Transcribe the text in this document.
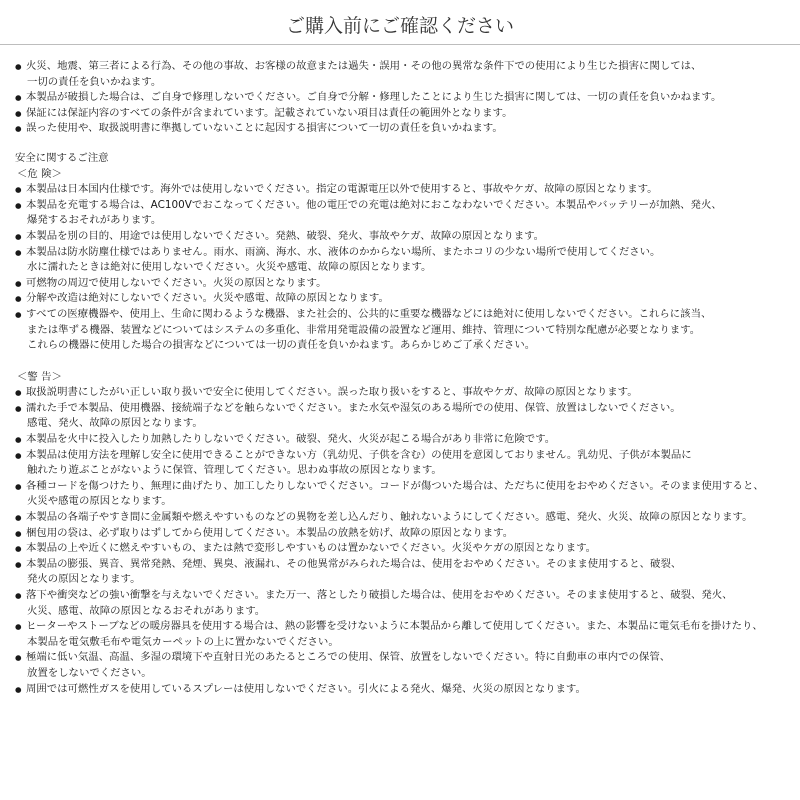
ご購入前にご確認ください
● 火災、地震、第三者による行為、その他の事故、お客様の故意または過失・誤用・その他の異常な条件下での使用により生じた損害に関しては、
一切の責任を負いかねます。
● 本製品が破損した場合は、ご自身で修理しないでください。ご自身で分解・修理したことにより生じた損害に関しては、一切の責任を負いかねます。
● 保証には保証内容のすべての条件が含まれています。記載されていない項目は責任の範囲外となります。
● 誤った使用や、取扱説明書に準拠していないことに起因する損害について一切の責任を負いかねます。
安全に関するご注意
＜危 険＞
● 本製品は日本国内仕様です。海外では使用しないでください。指定の電源電圧以外で使用すると、事故やケガ、故障の原因となります。
● 本製品を充電する場合は、AC100Vでおこなってください。他の電圧での充電は絶対におこなわないでください。本製品やバッテリーが加熱、発火、
爆発するおそれがあります。
● 本製品を別の目的、用途では使用しないでください。発熱、破裂、発火、事故やケガ、故障の原因となります。
● 本製品は防水防塵仕様ではありません。雨水、雨滴、海水、水、液体のかからない場所、またホコリの少ない場所で使用してください。
水に濡れたときは絶対に使用しないでください。火災や感電、故障の原因となります。
● 可燃物の周辺で使用しないでください。火災の原因となります。
● 分解や改造は絶対にしないでください。火災や感電、故障の原因となります。
● すべての医療機器や、使用上、生命に関わるような機器、また社会的、公共的に重要な機器などには絶対に使用しないでください。これらに該当、
または準ずる機器、装置などについてはシステムの多重化、非常用発電設備の設置など運用、維持、管理について特別な配慮が必要となります。
これらの機器に使用した場合の損害などについては一切の責任を負いかねます。あらかじめご了承ください。
＜警 告＞
● 取扱説明書にしたがい正しい取り扱いで安全に使用してください。誤った取り扱いをすると、事故やケガ、故障の原因となります。
● 濡れた手で本製品、使用機器、接続端子などを触らないでください。また水気や湿気のある場所での使用、保管、放置はしないでください。
感電、発火、故障の原因となります。
● 本製品を火中に投入したり加熱したりしないでください。破裂、発火、火災が起こる場合があり非常に危険です。
● 本製品は使用方法を理解し安全に使用できることができない方（乳幼児、子供を含む）の使用を意図しておりません。乳幼児、子供が本製品に
触れたり遊ぶことがないように保管、管理してください。思わぬ事故の原因となります。
● 各種コードを傷つけたり、無理に曲げたり、加工したりしないでください。コードが傷ついた場合は、ただちに使用をおやめください。そのまま使用すると、
火災や感電の原因となります。
● 本製品の各端子やすき間に金属類や燃えやすいものなどの異物を差し込んだり、触れないようにしてください。感電、発火、火災、故障の原因となります。
● 梱包用の袋は、必ず取りはずしてから使用してください。本製品の放熱を妨げ、故障の原因となります。
● 本製品の上や近くに燃えやすいもの、または熱で変形しやすいものは置かないでください。火災やケガの原因となります。
● 本製品の膨張、異音、異常発熱、発煙、異臭、液漏れ、その他異常がみられた場合は、使用をおやめください。そのまま使用すると、破裂、
発火の原因となります。
● 落下や衝突などの強い衝撃を与えないでください。また万一、落としたり破損した場合は、使用をおやめください。そのまま使用すると、破裂、発火、
火災、感電、故障の原因となるおそれがあります。
● ヒーターやストーブなどの暖房器具を使用する場合は、熱の影響を受けないように本製品から離して使用してください。また、本製品に電気毛布を掛けたり、
本製品を電気敷毛布や電気カーペットの上に置かないでください。
● 極端に低い気温、高温、多湿の環境下や直射日光のあたるところでの使用、保管、放置をしないでください。特に自動車の車内での保管、
放置をしないでください。
● 周囲では可燃性ガスを使用しているスプレーは使用しないでください。引火による発火、爆発、火災の原因となります。
